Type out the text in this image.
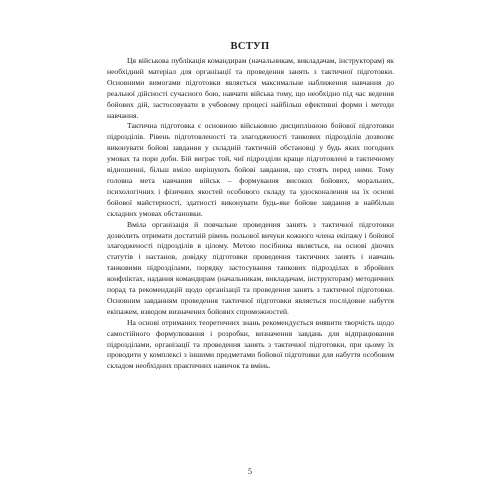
ВСТУП

Ця військова публікація командирам (начальникам, викладачам, інструкторам) як необхідний матеріал для організації та проведення занять з тактичної підготовки. Основними вимогами підготовки являється максимальне наближення навчання до реальної дійсності сучасного бою, навчати війська тому, що необхідно під час ведення бойових дій, застосовувати в учбовому процесі найбільш ефективні форми і методи навчання.

Тактична підготовка є основною військовою дисциплінною бойової підготовки підрозділів. Рівень підготовленості та злагодженості танкових підрозділів дозволяє виконувати бойові завдання у складній тактичній обстановці у будь яких погодних умовах та пори доби. Бій виграє той, чиї підрозділи краще підготовлені в тактичному відношенні, більш вміло вирішують бойові завдання, що стоять перед ними. Тому головна мета навчання військ – формування високих бойових, моральних, психологічних і фізичних якостей особового складу та удосконалення на їх основі бойової майстерності, здатності виконувати будь-яке бойове завдання в найбільш складних умовах обстановки.

Вміла організація й повчальне проведення занять з тактичної підготовки дозволить отримати достатній рівень польової вичуки кожного члена екіпажу і бойової злагодженості підрозділів в цілому. Метою посібника являється, на основі діючих статутів і настанов, довідку підготовки проведення тактичних занять і навчань танковими підрозділами, порядку застосування танкових підрозділах в збройних конфліктах, надання командирам (начальникам, викладачам, інструкторам) методичних порад та рекомендацій щодо організації та проведення занять з тактичної підготовки. Основним завданням проведення тактичної підготовки являється послідовне набуття екіпажем, взводом визначених бойових спроможностей.

На основі отриманих теоретичних знань рекомендується виявити творчість щодо самостійного формулювання і розробки, визначення завдань для відпрацювання підрозділами, організації та проведення занять з тактичної підготовки, при цьому їх проводити у комплексі з іншими предметами бойової підготовки для набуття особовим складом необхідних практичних навичок та вмінь.

5
